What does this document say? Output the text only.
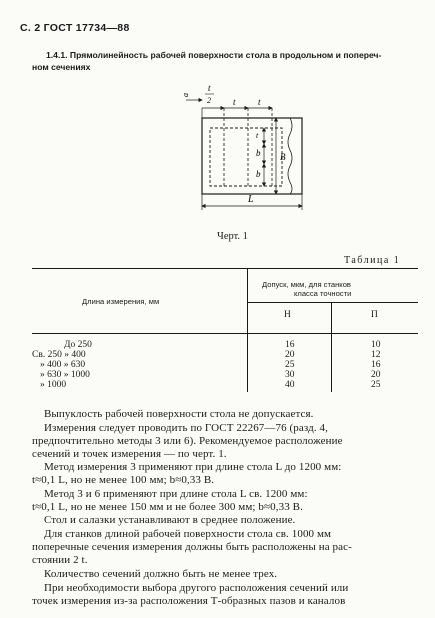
С. 2 ГОСТ 17734—88
1.4.1. Прямолинейность рабочей поверхности стола в продольном и попереч-
ном сечениях
t
2
a
t t
t
b
b
B
L
Черт. 1
Таблица 1
Длина измерения, мм
Допуск, мкм, для станков
класса точности
Н	П
До 250	16	10
Св. 250 » 400	20	12
» 400 » 630	25	16
» 630 » 1000	30	20
» 1000	40	25
Выпуклость рабочей поверхности стола не допускается.
Измерения следует проводить по ГОСТ 22267—76 (разд. 4,
предпочтительно методы 3 или 6). Рекомендуемое расположение
сечений и точек измерения — по черт. 1.
Метод измерения 3 применяют при длине стола L до 1200 мм:
t≈0,1 L, но не менее 100 мм; b≈0,33 B.
Метод 3 и 6 применяют при длине стола L св. 1200 мм:
t≈0,1 L, но не менее 150 мм и не более 300 мм; b≈0,33 B.
Стол и салазки устанавливают в среднее положение.
Для станков длиной рабочей поверхности стола св. 1000 мм
поперечные сечения измерения должны быть расположены на рас-
стоянии 2 t.
Количество сечений должно быть не менее трех.
При необходимости выбора другого расположения сечений или
точек измерения из-за расположения Т-образных пазов и каналов
